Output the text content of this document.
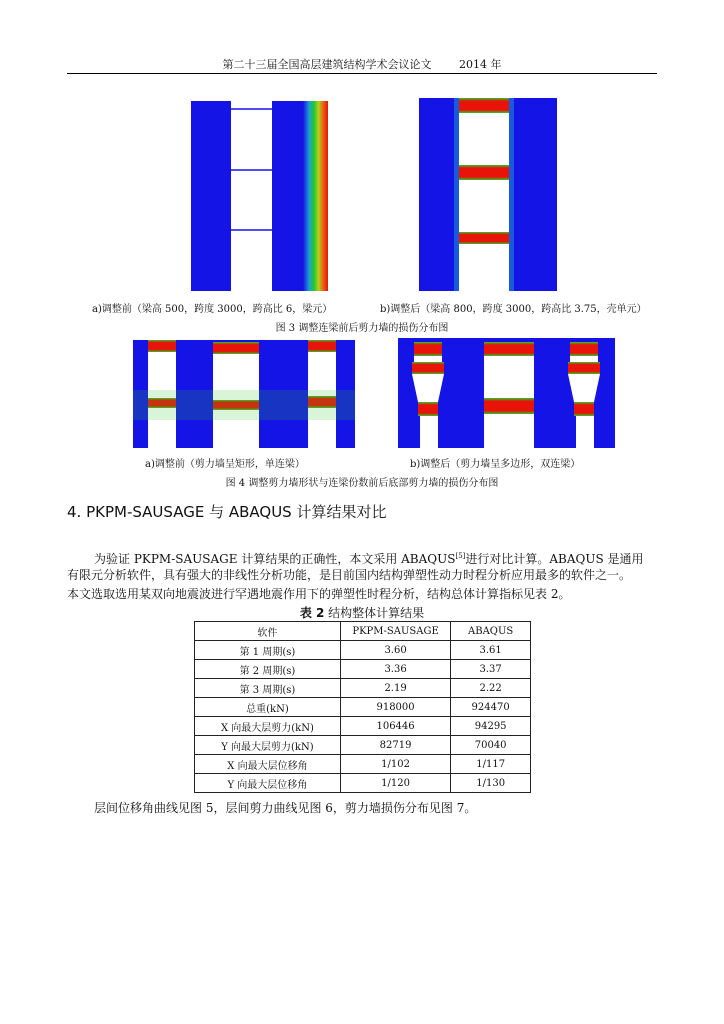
第二十三届全国高层建筑结构学术会议论文	2014 年
a)调整前（梁高 500，跨度 3000，跨高比 6，梁元）	b)调整后（梁高 800，跨度 3000，跨高比 3.75，壳单元）
图 3 调整连梁前后剪力墙的损伤分布图
a)调整前（剪力墙呈矩形，单连梁）	b)调整后（剪力墙呈多边形，双连梁）
图 4 调整剪力墙形状与连梁份数前后底部剪力墙的损伤分布图
4. PKPM-SAUSAGE 与 ABAQUS 计算结果对比
为验证 PKPM-SAUSAGE 计算结果的正确性，本文采用 ABAQUS[5]进行对比计算。ABAQUS 是通用
有限元分析软件，具有强大的非线性分析功能，是目前国内结构弹塑性动力时程分析应用最多的软件之一。
本文选取选用某双向地震波进行罕遇地震作用下的弹塑性时程分析，结构总体计算指标见表 2。
表 2 结构整体计算结果
软件	PKPM-SAUSAGE	ABAQUS
第 1 周期(s)	3.60	3.61
第 2 周期(s)	3.36	3.37
第 3 周期(s)	2.19	2.22
总重(kN)	918000	924470
X 向最大层剪力(kN)	106446	94295
Y 向最大层剪力(kN)	82719	70040
X 向最大层位移角	1/102	1/117
Y 向最大层位移角	1/120	1/130
层间位移角曲线见图 5，层间剪力曲线见图 6，剪力墙损伤分布见图 7。
